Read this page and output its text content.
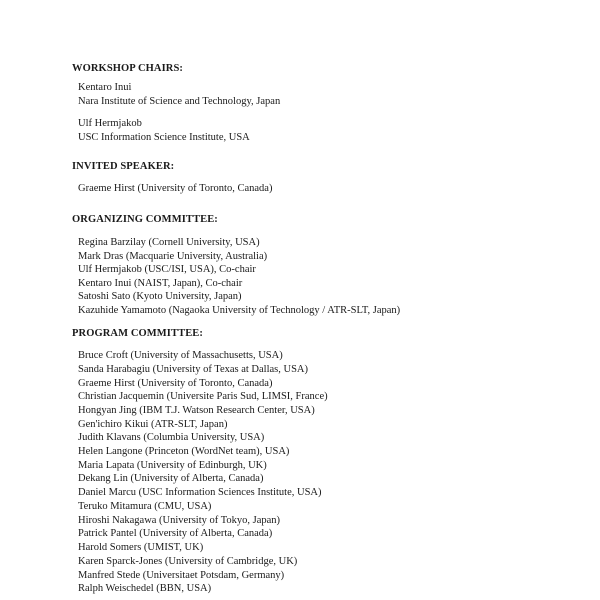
WORKSHOP CHAIRS:
Kentaro Inui
Nara Institute of Science and Technology, Japan
Ulf Hermjakob
USC Information Science Institute, USA
INVITED SPEAKER:
Graeme Hirst (University of Toronto, Canada)
ORGANIZING COMMITTEE:
Regina Barzilay (Cornell University, USA)
Mark Dras (Macquarie University, Australia)
Ulf Hermjakob (USC/ISI, USA), Co-chair
Kentaro Inui (NAIST, Japan), Co-chair
Satoshi Sato (Kyoto University, Japan)
Kazuhide Yamamoto (Nagaoka University of Technology / ATR-SLT, Japan)
PROGRAM COMMITTEE:
Bruce Croft (University of Massachusetts, USA)
Sanda Harabagiu (University of Texas at Dallas, USA)
Graeme Hirst (University of Toronto, Canada)
Christian Jacquemin (Universite Paris Sud, LIMSI, France)
Hongyan Jing (IBM T.J. Watson Research Center, USA)
Gen'ichiro Kikui (ATR-SLT, Japan)
Judith Klavans (Columbia University, USA)
Helen Langone (Princeton (WordNet team), USA)
Maria Lapata (University of Edinburgh, UK)
Dekang Lin (University of Alberta, Canada)
Daniel Marcu (USC Information Sciences Institute, USA)
Teruko Mitamura (CMU, USA)
Hiroshi Nakagawa (University of Tokyo, Japan)
Patrick Pantel (University of Alberta, Canada)
Harold Somers (UMIST, UK)
Karen Sparck-Jones (University of Cambridge, UK)
Manfred Stede (Universitaet Potsdam, Germany)
Ralph Weischedel (BBN, USA)
